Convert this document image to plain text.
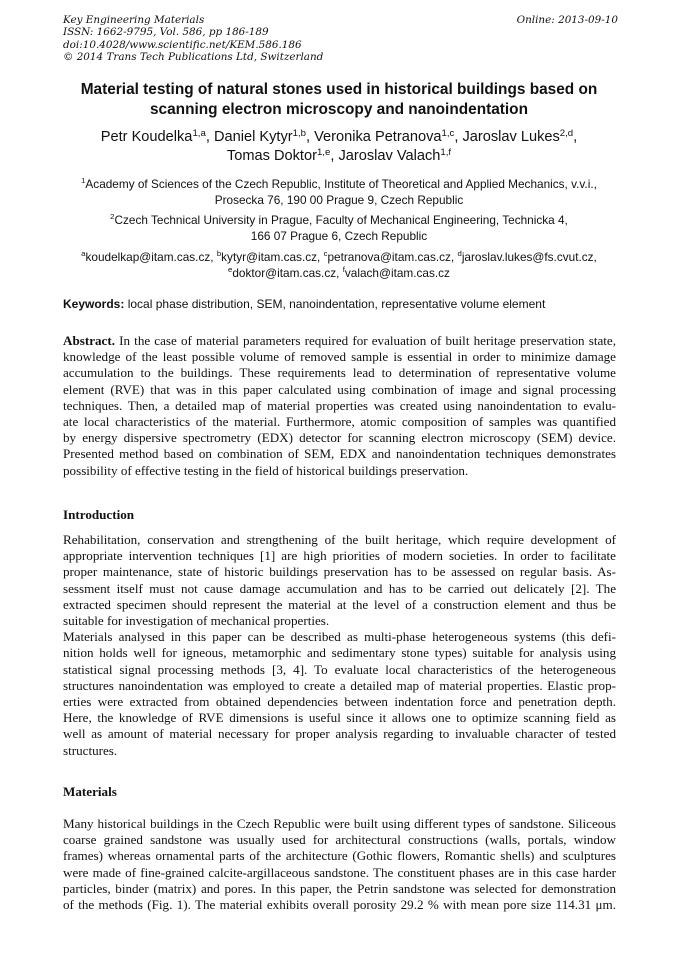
Key Engineering Materials
ISSN: 1662-9795, Vol. 586, pp 186-189
doi:10.4028/www.scientific.net/KEM.586.186
© 2014 Trans Tech Publications Ltd, Switzerland
Online: 2013-09-10
Material testing of natural stones used in historical buildings based on
scanning electron microscopy and nanoindentation
Petr Koudelka$^{1,a}$, Daniel Kytyr$^{1,b}$, Veronika Petranova$^{1,c}$, Jaroslav Lukes$^{2,d}$,
Tomas Doktor$^{1,e}$, Jaroslav Valach$^{1,f}$
$^1$Academy of Sciences of the Czech Republic, Institute of Theoretical and Applied Mechanics, v.v.i.,
Prosecka 76, 190 00 Prague 9, Czech Republic
$^2$Czech Technical University in Prague, Faculty of Mechanical Engineering, Technicka 4,
166 07 Prague 6, Czech Republic
$^a$koudelkap@itam.cas.cz, $^b$kytyr@itam.cas.cz, $^c$petranova@itam.cas.cz, $^d$jaroslav.lukes@fs.cvut.cz,
$^e$doktor@itam.cas.cz, $^f$valach@itam.cas.cz
Keywords: local phase distribution, SEM, nanoindentation, representative volume element
Abstract. In the case of material parameters required for evaluation of built heritage preservation state,
knowledge of the least possible volume of removed sample is essential in order to minimize damage
accumulation to the buildings. These requirements lead to determination of representative volume
element (RVE) that was in this paper calculated using combination of image and signal processing
techniques. Then, a detailed map of material properties was created using nanoindentation to evalu-
ate local characteristics of the material. Furthermore, atomic composition of samples was quantified
by energy dispersive spectrometry (EDX) detector for scanning electron microscopy (SEM) device.
Presented method based on combination of SEM, EDX and nanoindentation techniques demonstrates
possibility of effective testing in the field of historical buildings preservation.
Introduction
Rehabilitation, conservation and strengthening of the built heritage, which require development of
appropriate intervention techniques [1] are high priorities of modern societies. In order to facilitate
proper maintenance, state of historic buildings preservation has to be assessed on regular basis. As-
sessment itself must not cause damage accumulation and has to be carried out delicately [2]. The
extracted specimen should represent the material at the level of a construction element and thus be
suitable for investigation of mechanical properties.
Materials analysed in this paper can be described as multi-phase heterogeneous systems (this defi-
nition holds well for igneous, metamorphic and sedimentary stone types) suitable for analysis using
statistical signal processing methods [3, 4]. To evaluate local characteristics of the heterogeneous
structures nanoindentation was employed to create a detailed map of material properties. Elastic prop-
erties were extracted from obtained dependencies between indentation force and penetration depth.
Here, the knowledge of RVE dimensions is useful since it allows one to optimize scanning field as
well as amount of material necessary for proper analysis regarding to invaluable character of tested
structures.
Materials
Many historical buildings in the Czech Republic were built using different types of sandstone. Siliceous
coarse grained sandstone was usually used for architectural constructions (walls, portals, window
frames) whereas ornamental parts of the architecture (Gothic flowers, Romantic shells) and sculptures
were made of fine-grained calcite-argillaceous sandstone. The constituent phases are in this case harder
particles, binder (matrix) and pores. In this paper, the Petrin sandstone was selected for demonstration
of the methods (Fig. 1). The material exhibits overall porosity 29.2 % with mean pore size 114.31 μm.
